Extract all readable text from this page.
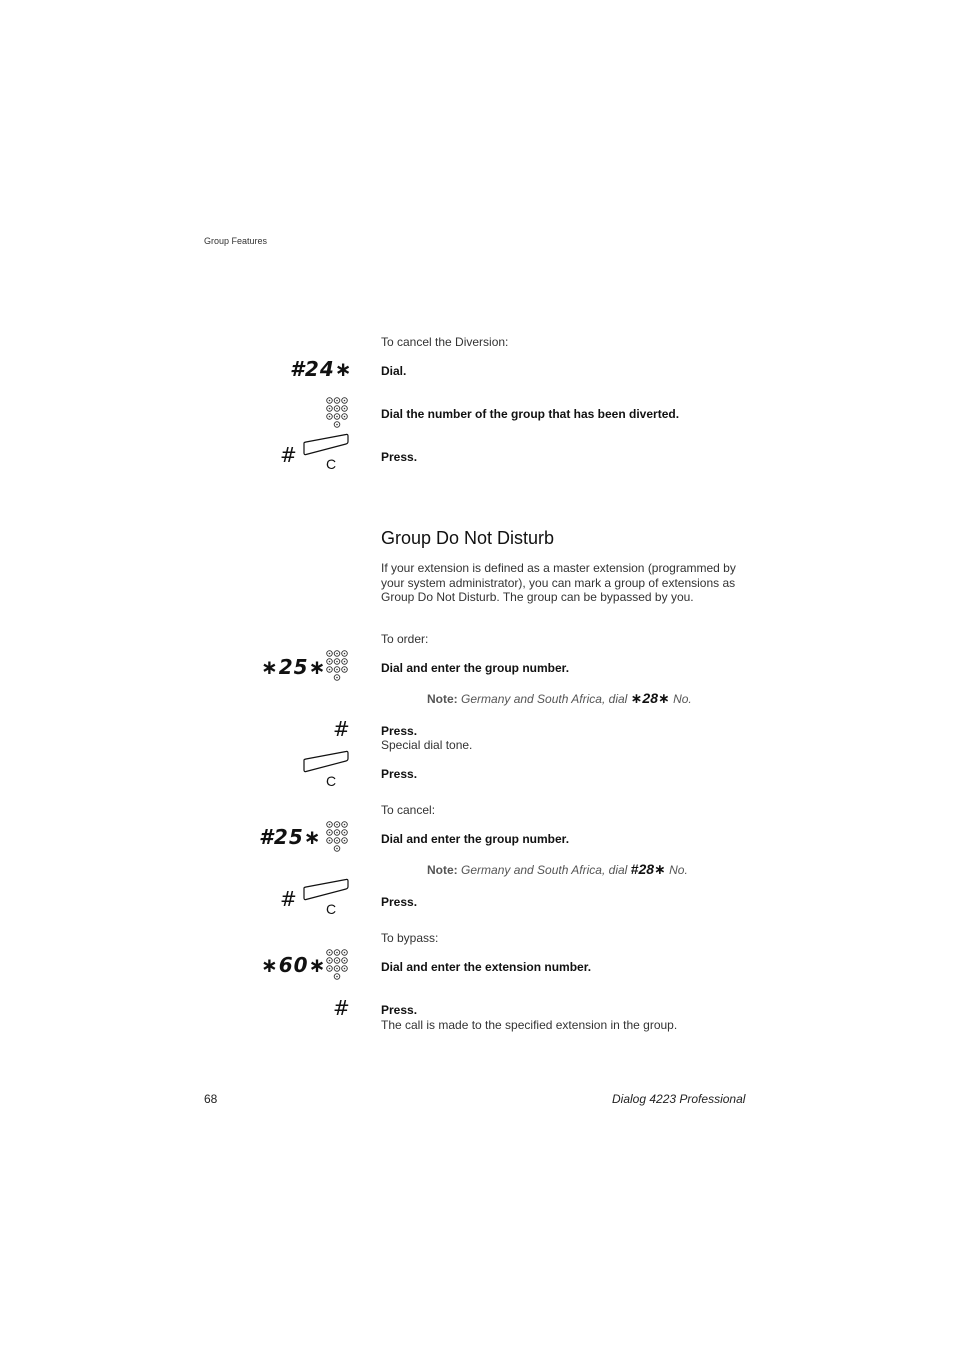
Group Features
To cancel the Diversion:
#24∗ Dial.
Dial the number of the group that has been diverted.
# C	Press.
Group Do Not Disturb
If your extension is defined as a master extension (programmed by your system administrator), you can mark a group of extensions as Group Do Not Disturb. The group can be bypassed by you.
To order:
∗25∗	Dial and enter the group number.
Note: Germany and South Africa, dial ∗28∗ No.
#	Press.
Special dial tone.
C	Press.
To cancel:
#25∗	Dial and enter the group number.
Note: Germany and South Africa, dial #28∗ No.
# C	Press.
To bypass:
∗60∗	Dial and enter the extension number.
#	Press.
The call is made to the specified extension in the group.
68	Dialog 4223 Professional
